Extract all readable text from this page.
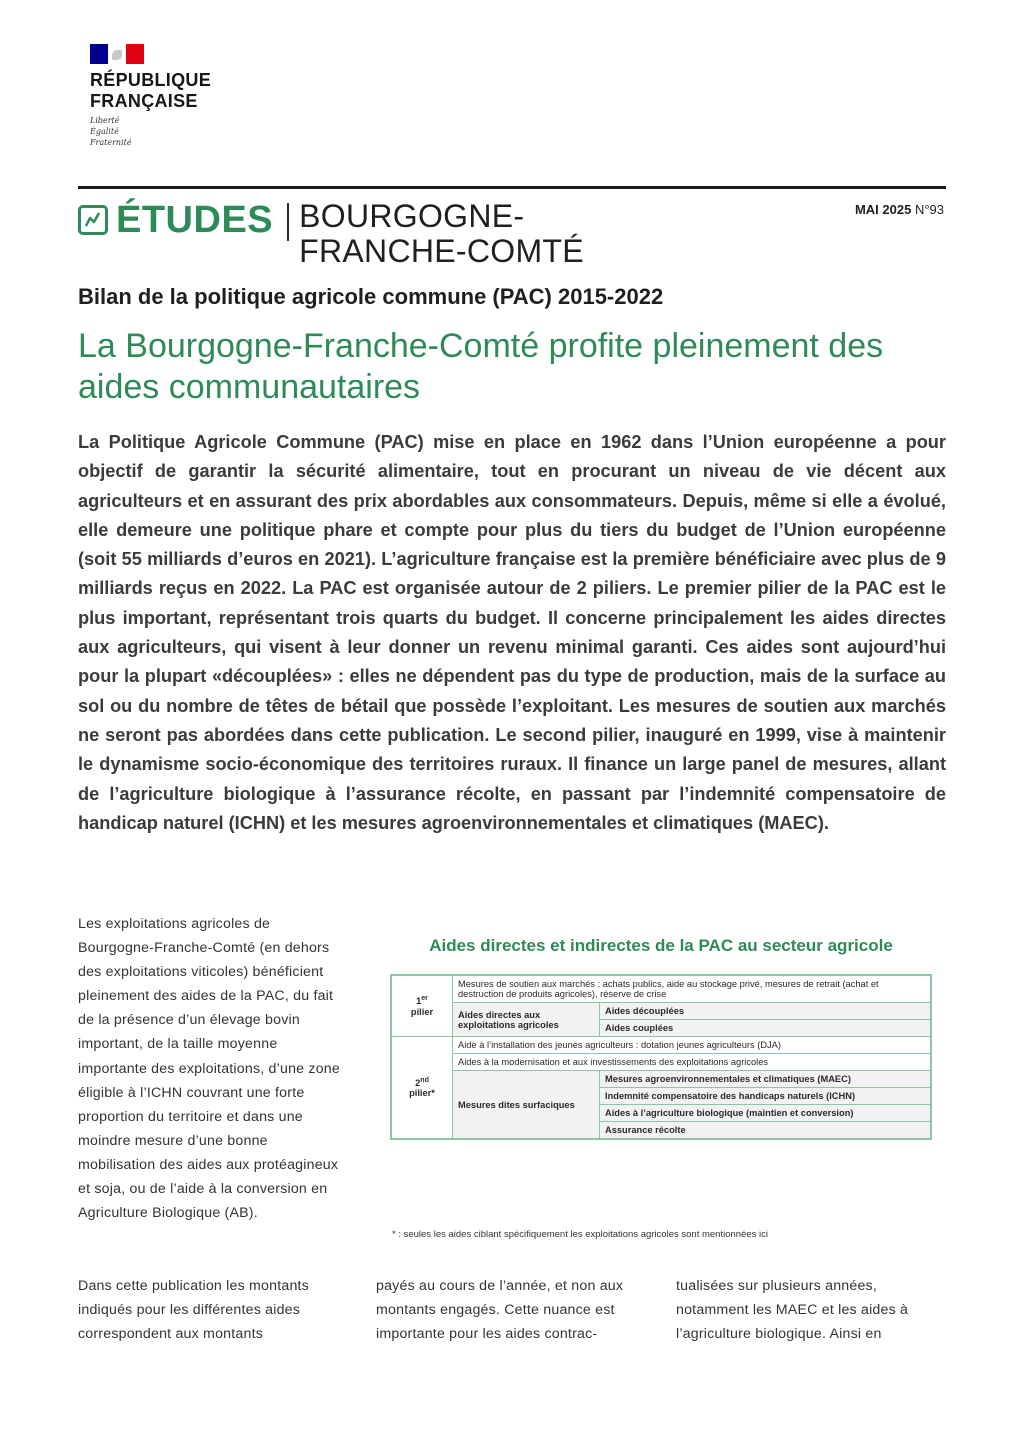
RÉPUBLIQUE
FRANÇAISE
Liberté
Égalité
Fraternité
ÉTUDES BOURGOGNE-
FRANCHE-COMTÉ
MAI 2025 N°93
Bilan de la politique agricole commune (PAC) 2015-2022
La Bourgogne-Franche-Comté profite pleinement des aides communautaires

La Politique Agricole Commune (PAC) mise en place en 1962 dans l’Union européenne a pour objectif de garantir la sécurité alimentaire, tout en procurant un niveau de vie décent aux agriculteurs et en assurant des prix abordables aux consommateurs. Depuis, même si elle a évolué, elle demeure une politique phare et compte pour plus du tiers du budget de l’Union européenne (soit 55 milliards d’euros en 2021). L’agriculture française est la première bénéficiaire avec plus de 9 milliards reçus en 2022. La PAC est organisée autour de 2 piliers. Le premier pilier de la PAC est le plus important, représentant trois quarts du budget. Il concerne principalement les aides directes aux agriculteurs, qui visent à leur donner un revenu minimal garanti. Ces aides sont aujourd’hui pour la plupart «découplées» : elles ne dépendent pas du type de production, mais de la surface au sol ou du nombre de têtes de bétail que possède l’exploitant. Les mesures de soutien aux marchés ne seront pas abordées dans cette publication. Le second pilier, inauguré en 1999, vise à maintenir le dynamisme socio-économique des territoires ruraux. Il finance un large panel de mesures, allant de l’agriculture biologique à l’assurance récolte, en passant par l’indemnité compensatoire de handicap naturel (ICHN) et les mesures agroenvironnementales et climatiques (MAEC).

Les exploitations agricoles de Bourgogne-Franche-Comté (en dehors des exploitations viticoles) bénéficient pleinement des aides de la PAC, du fait de la présence d’un élevage bovin important, de la taille moyenne importante des exploitations, d’une zone éligible à l’ICHN couvrant une forte proportion du territoire et dans une moindre mesure d’une bonne mobilisation des aides aux protéagineux et soja, ou de l’aide à la conversion en Agriculture Biologique (AB).

Aides directes et indirectes de la PAC au secteur agricole
1er
pilier	Mesures de soutien aux marchés : achats publics, aide au stockage privé, mesures de retrait (achat et destruction de produits agricoles), réserve de crise	
	Aides directes aux exploitations agricoles	Aides découplées
		Aides couplées
2nd
pilier*	Aide à l’installation des jeunes agriculteurs : dotation jeunes agriculteurs (DJA)	
	Aides à la modernisation et aux investissements des exploitations agricoles	
	Mesures dites surfaciques	Mesures agroenvironnementales et climatiques (MAEC)
		Indemnité compensatoire des handicaps naturels (ICHN)
		Aides à l’agriculture biologique (maintien et conversion)
		Assurance récolte
* : seules les aides ciblant spécifiquement les exploitations agricoles sont mentionnées ici

Dans cette publication les montants indiqués pour les différentes aides correspondent aux montants

payés au cours de l’année, et non aux montants engagés. Cette nuance est importante pour les aides contrac-

tualisées sur plusieurs années, notamment les MAEC et les aides à l’agriculture biologique. Ainsi en
